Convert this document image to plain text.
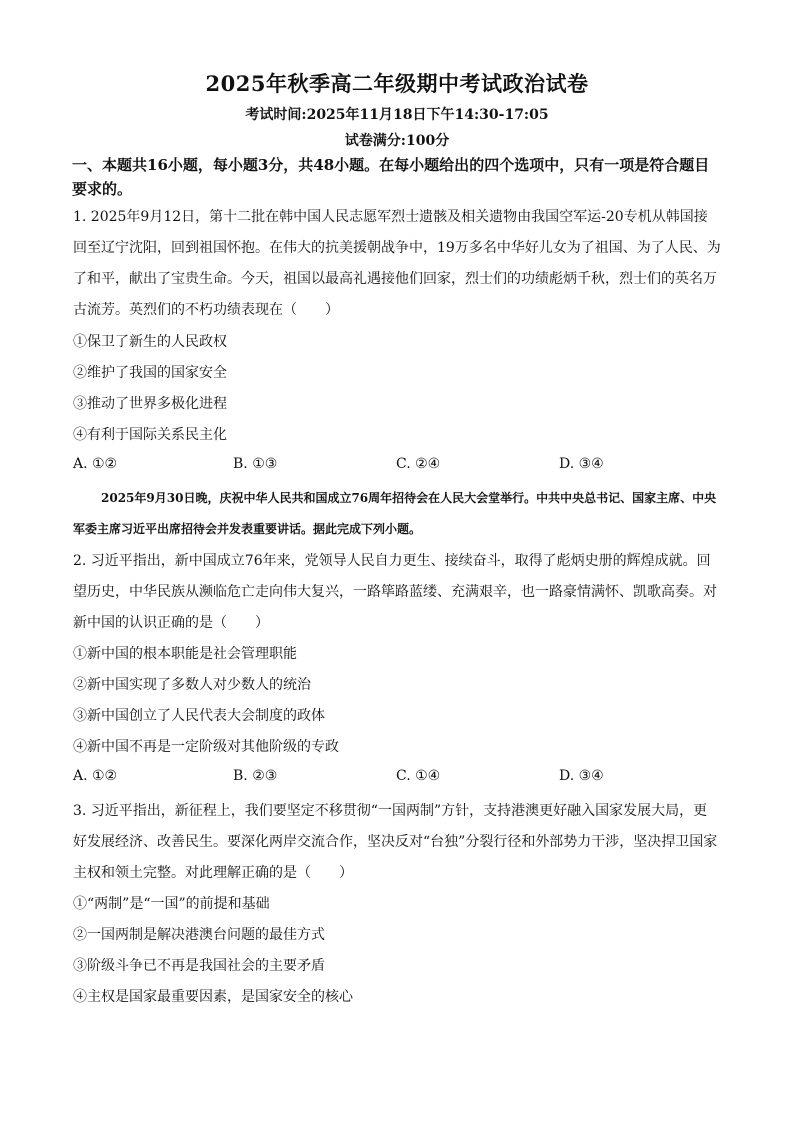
2025年秋季高二年级期中考试政治试卷
考试时间:2025年11月18日下午14:30-17:05
试卷满分:100分
一、本题共16小题，每小题3分，共48小题。在每小题给出的四个选项中，只有一项是符合题目要求的。
1. 2025年9月12日，第十二批在韩中国人民志愿军烈士遗骸及相关遗物由我国空军运-20专机从韩国接回至辽宁沈阳，回到祖国怀抱。在伟大的抗美援朝战争中，19万多名中华好儿女为了祖国、为了人民、为了和平，献出了宝贵生命。今天，祖国以最高礼遇接他们回家，烈士们的功绩彪炳千秋，烈士们的英名万古流芳。英烈们的不朽功绩表现在（　　）
①保卫了新生的人民政权
②维护了我国的国家安全
③推动了世界多极化进程
④有利于国际关系民主化
A. ①②	B. ①③	C. ②④	D. ③④
2025年9月30日晚，庆祝中华人民共和国成立76周年招待会在人民大会堂举行。中共中央总书记、国家主席、中央军委主席习近平出席招待会并发表重要讲话。据此完成下列小题。
2. 习近平指出，新中国成立76年来，党领导人民自力更生、接续奋斗，取得了彪炳史册的辉煌成就。回望历史，中华民族从濒临危亡走向伟大复兴，一路筚路蓝缕、充满艰辛，也一路豪情满怀、凯歌高奏。对新中国的认识正确的是（　　）
①新中国的根本职能是社会管理职能
②新中国实现了多数人对少数人的统治
③新中国创立了人民代表大会制度的政体
④新中国不再是一定阶级对其他阶级的专政
A. ①②	B. ②③	C. ①④	D. ③④
3. 习近平指出，新征程上，我们要坚定不移贯彻“一国两制”方针，支持港澳更好融入国家发展大局，更好发展经济、改善民生。要深化两岸交流合作，坚决反对“台独”分裂行径和外部势力干涉，坚决捍卫国家主权和领土完整。对此理解正确的是（　　）
①“两制”是“一国”的前提和基础
②一国两制是解决港澳台问题的最佳方式
③阶级斗争已不再是我国社会的主要矛盾
④主权是国家最重要因素，是国家安全的核心
